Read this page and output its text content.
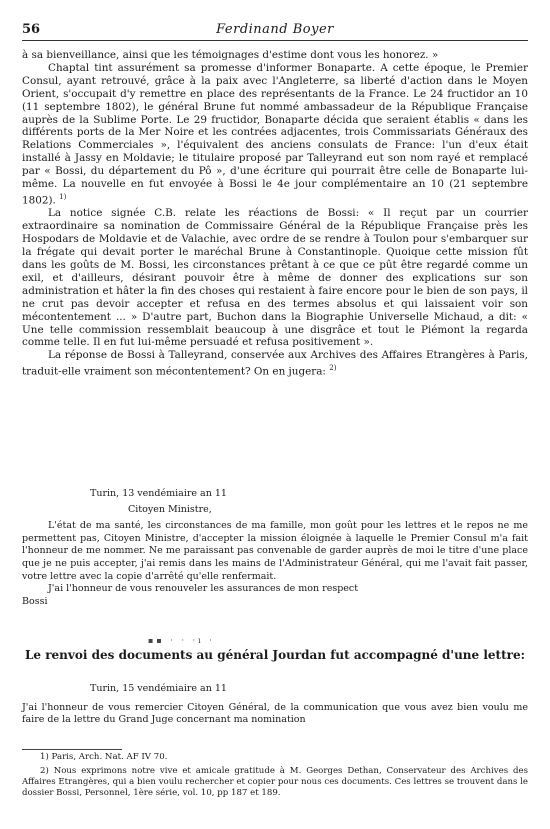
56	Ferdinand Boyer

à sa bienveillance, ainsi que les témoignages d'estime dont vous les honorez. »

Chaptal tint assurément sa promesse d'informer Bonaparte. A cette époque, le Premier Consul, ayant retrouvé, grâce à la paix avec l'Angleterre, sa liberté d'action dans le Moyen Orient, s'occupait d'y remettre en place des représentants de la France. Le 24 fructidor an 10 (11 septembre 1802), le général Brune fut nommé ambassadeur de la République Française auprès de la Sublime Porte. Le 29 fructidor, Bonaparte décida que seraient établis « dans les différents ports de la Mer Noire et les contrées adjacentes, trois Commissariats Généraux des Relations Commerciales », l'équivalent des anciens consulats de France: l'un d'eux était installé à Jassy en Moldavie; le titulaire proposé par Talleyrand eut son nom rayé et remplacé par « Bossi, du département du Pô », d'une écriture qui pourrait être celle de Bonaparte lui-même. La nouvelle en fut envoyée à Bossi le 4e jour complémentaire an 10 (21 septembre 1802). $^{1)}$

La notice signée C.B. relate les réactions de Bossi: « Il reçut par un courrier extraordinaire sa nomination de Commissaire Général de la République Française près les Hospodars de Moldavie et de Valachie, avec ordre de se rendre à Toulon pour s'embarquer sur la frégate qui devait porter le maréchal Brune à Constantinople. Quoique cette mission fût dans les goûts de M. Bossi, les circonstances prêtant à ce que ce pût être regardé comme un exil, et d'ailleurs, désirant pouvoir être à même de donner des explications sur son administration et hâter la fin des choses qui restaient à faire encore pour le bien de son pays, il ne crut pas devoir accepter et refusa en des termes absolus et qui laissaient voir son mécontentement ... » D'autre part, Buchon dans la Biographie Universelle Michaud, a dit: « Une telle commission ressemblait beaucoup à une disgrâce et tout le Piémont la regarda comme telle. Il en fut lui-même persuadé et refusa positivement ».

La réponse de Bossi à Talleyrand, conservée aux Archives des Affaires Etrangères à Paris, traduit-elle vraiment son mécontentement? On en jugera: $^{2)}$

Turin, 13 vendémiaire an 11

Citoyen Ministre,

L'état de ma santé, les circonstances de ma famille, mon goût pour les lettres et le repos ne me permettent pas, Citoyen Ministre, d'accepter la mission éloignée à laquelle le Premier Consul m'a fait l'honneur de me nommer. Ne me paraissant pas convenable de garder auprès de moi le titre d'une place que je ne puis accepter, j'ai remis dans les mains de l'Administrateur Général, qui me l'avait fait passer, votre lettre avec la copie d'arrêté qu'elle renfermait.

J'ai l'honneur de vous renouveler les assurances de mon respect

Bossi

▪▪ · · ·ı ·
Le renvoi des documents au général Jourdan fut accompagné d'une lettre:

Turin, 15 vendémiaire an 11

J'ai l'honneur de vous remercier Citoyen Général, de la communication que vous avez bien voulu me faire de la lettre du Grand Juge concernant ma nomination

1) Paris, Arch. Nat. AF IV 70.

2) Nous exprimons notre vive et amicale gratitude à M. Georges Dethan, Conservateur des Archives des Affaires Etrangères, qui a bien voulu rechercher et copier pour nous ces documents. Ces lettres se trouvent dans le dossier Bossi, Personnel, 1ère série, vol. 10, pp 187 et 189.
